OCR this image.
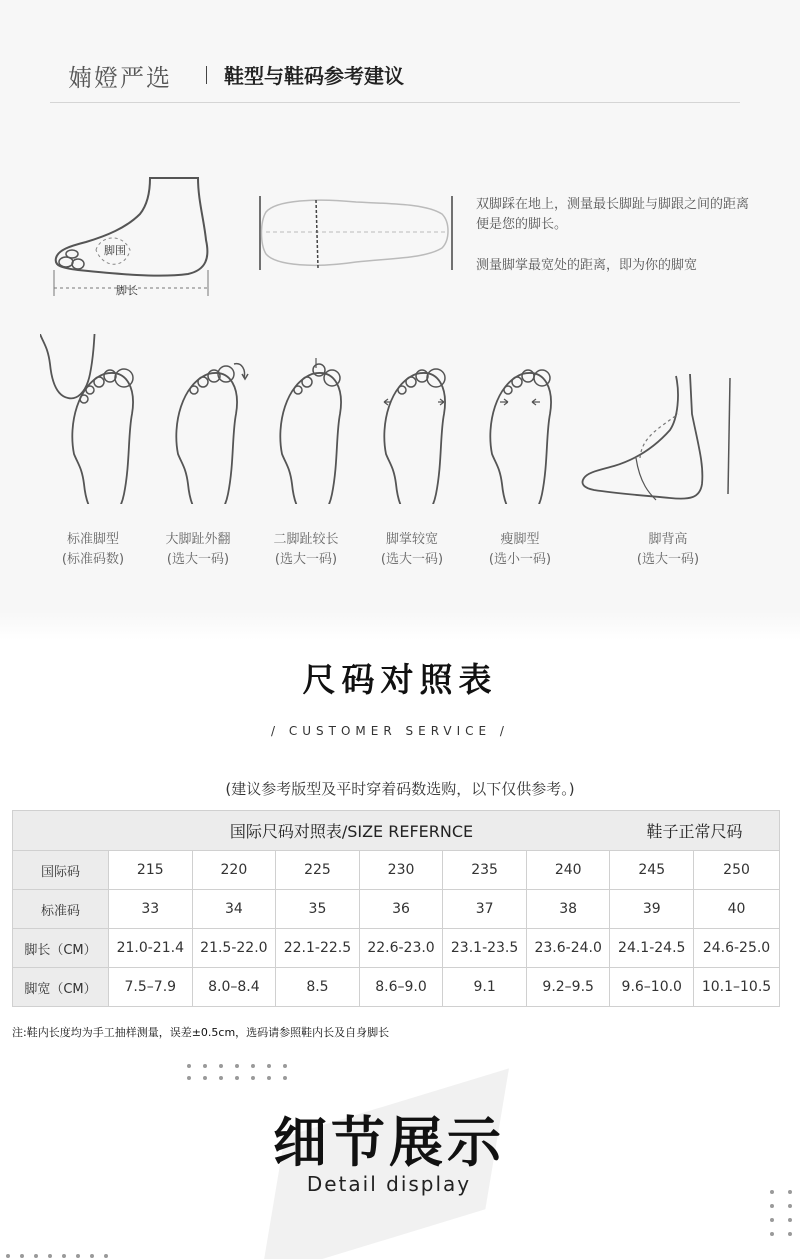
婻嬁严选	鞋型与鞋码参考建议
脚围
脚长
双脚踩在地上，测量最长脚趾与脚跟之间的距离
便是您的脚长。
测量脚掌最宽处的距离，即为你的脚宽
标准脚型
(标准码数)
大脚趾外翻
(选大一码)
二脚趾较长
(选大一码)
脚掌较宽
(选大一码)
瘦脚型
(选小一码)
脚背高
(选大一码)
尺码对照表
/ CUSTOMER SERVICE /
(建议参考版型及平时穿着码数选购，以下仅供参考。)
国际尺码对照表/SIZE REFERNCE							鞋子正常尺码	
国际码	215	220	225	230	235	240	245	250
标准码	33	34	35	36	37	38	39	40
脚长（CM）	21.0-21.4	21.5-22.0	22.1-22.5	22.6-23.0	23.1-23.5	23.6-24.0	24.1-24.5	24.6-25.0
脚宽（CM）	7.5–7.9	8.0–8.4	8.5	8.6–9.0	9.1	9.2–9.5	9.6–10.0	10.1–10.5
注:鞋内长度均为手工抽样测量，误差±0.5cm，选码请参照鞋内长及自身脚长
细节展示
Detail display
